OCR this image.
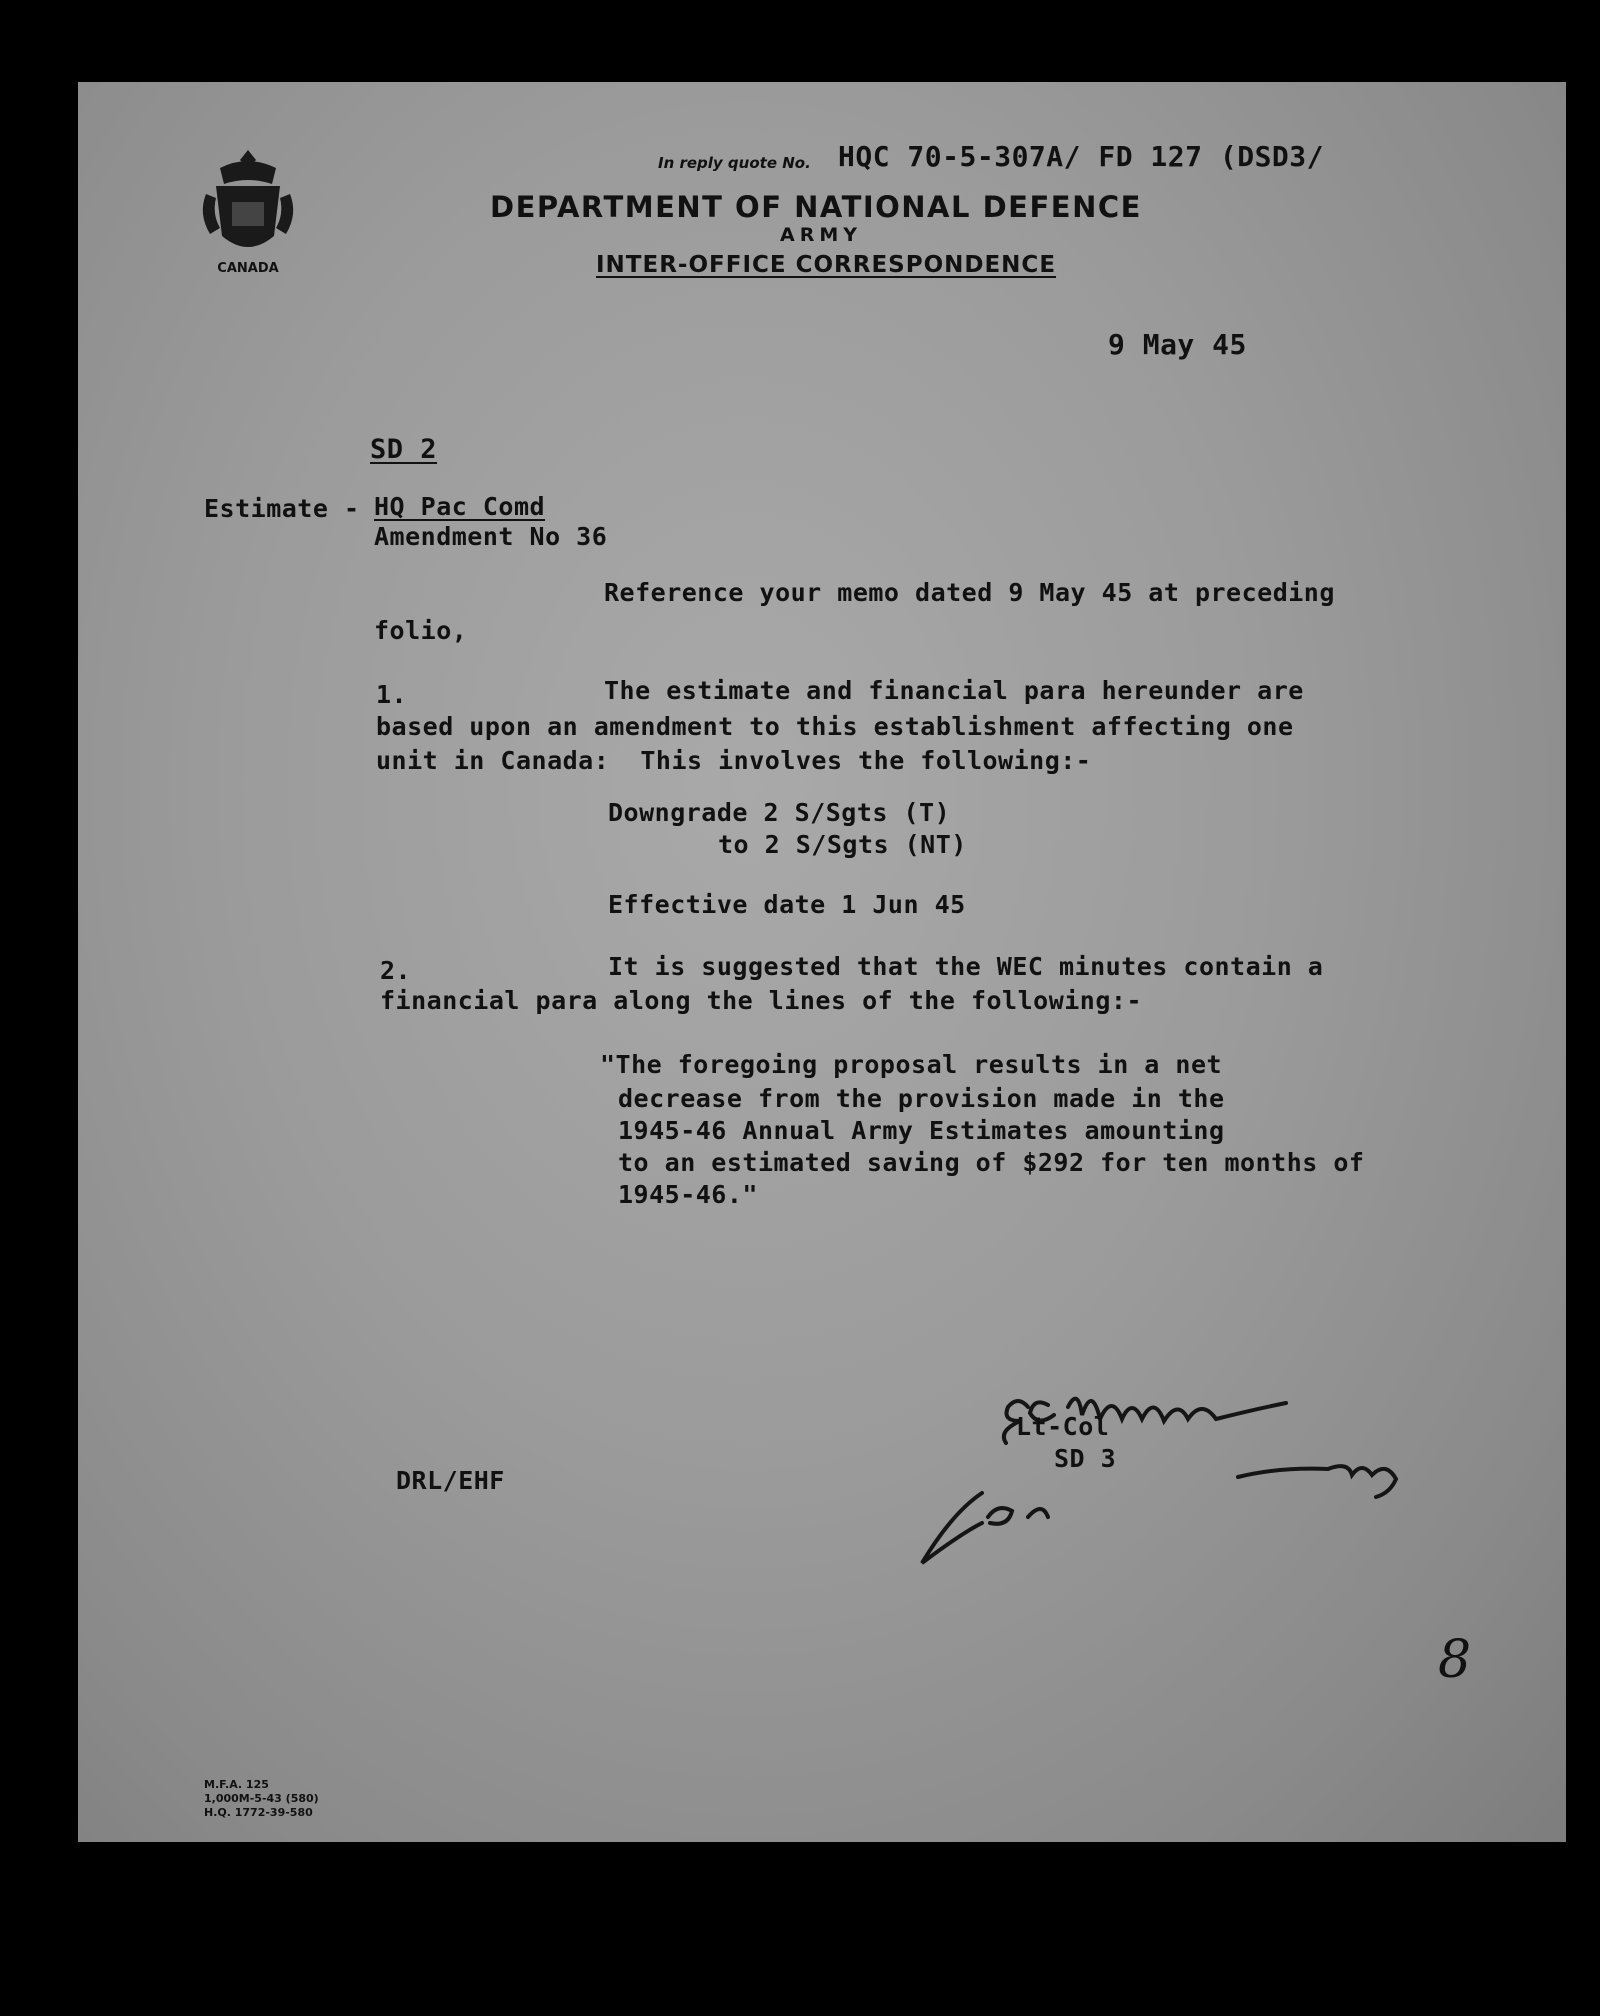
CANADA
In reply quote No. HQC 70-5-307A/ FD 127 (DSD3/
DEPARTMENT OF NATIONAL DEFENCE
ARMY
INTER-OFFICE CORRESPONDENCE
9 May 45
SD 2
Estimate - HQ Pac Comd
Amendment No 36
Reference your memo dated 9 May 45 at preceding
folio,
1.	The estimate and financial para hereunder are
based upon an amendment to this establishment affecting one
unit in Canada:  This involves the following:-
Downgrade 2 S/Sgts (T)
to 2 S/Sgts (NT)
Effective date 1 Jun 45
2.	It is suggested that the WEC minutes contain a
financial para along the lines of the following:-
"The foregoing proposal results in a net
decrease from the provision made in the
1945-46 Annual Army Estimates amounting
to an estimated saving of $292 for ten months of
1945-46."
Lt-Col
SD 3
DRL/EHF
8
M.F.A. 125
1,000M-5-43 (580)
H.Q. 1772-39-580
